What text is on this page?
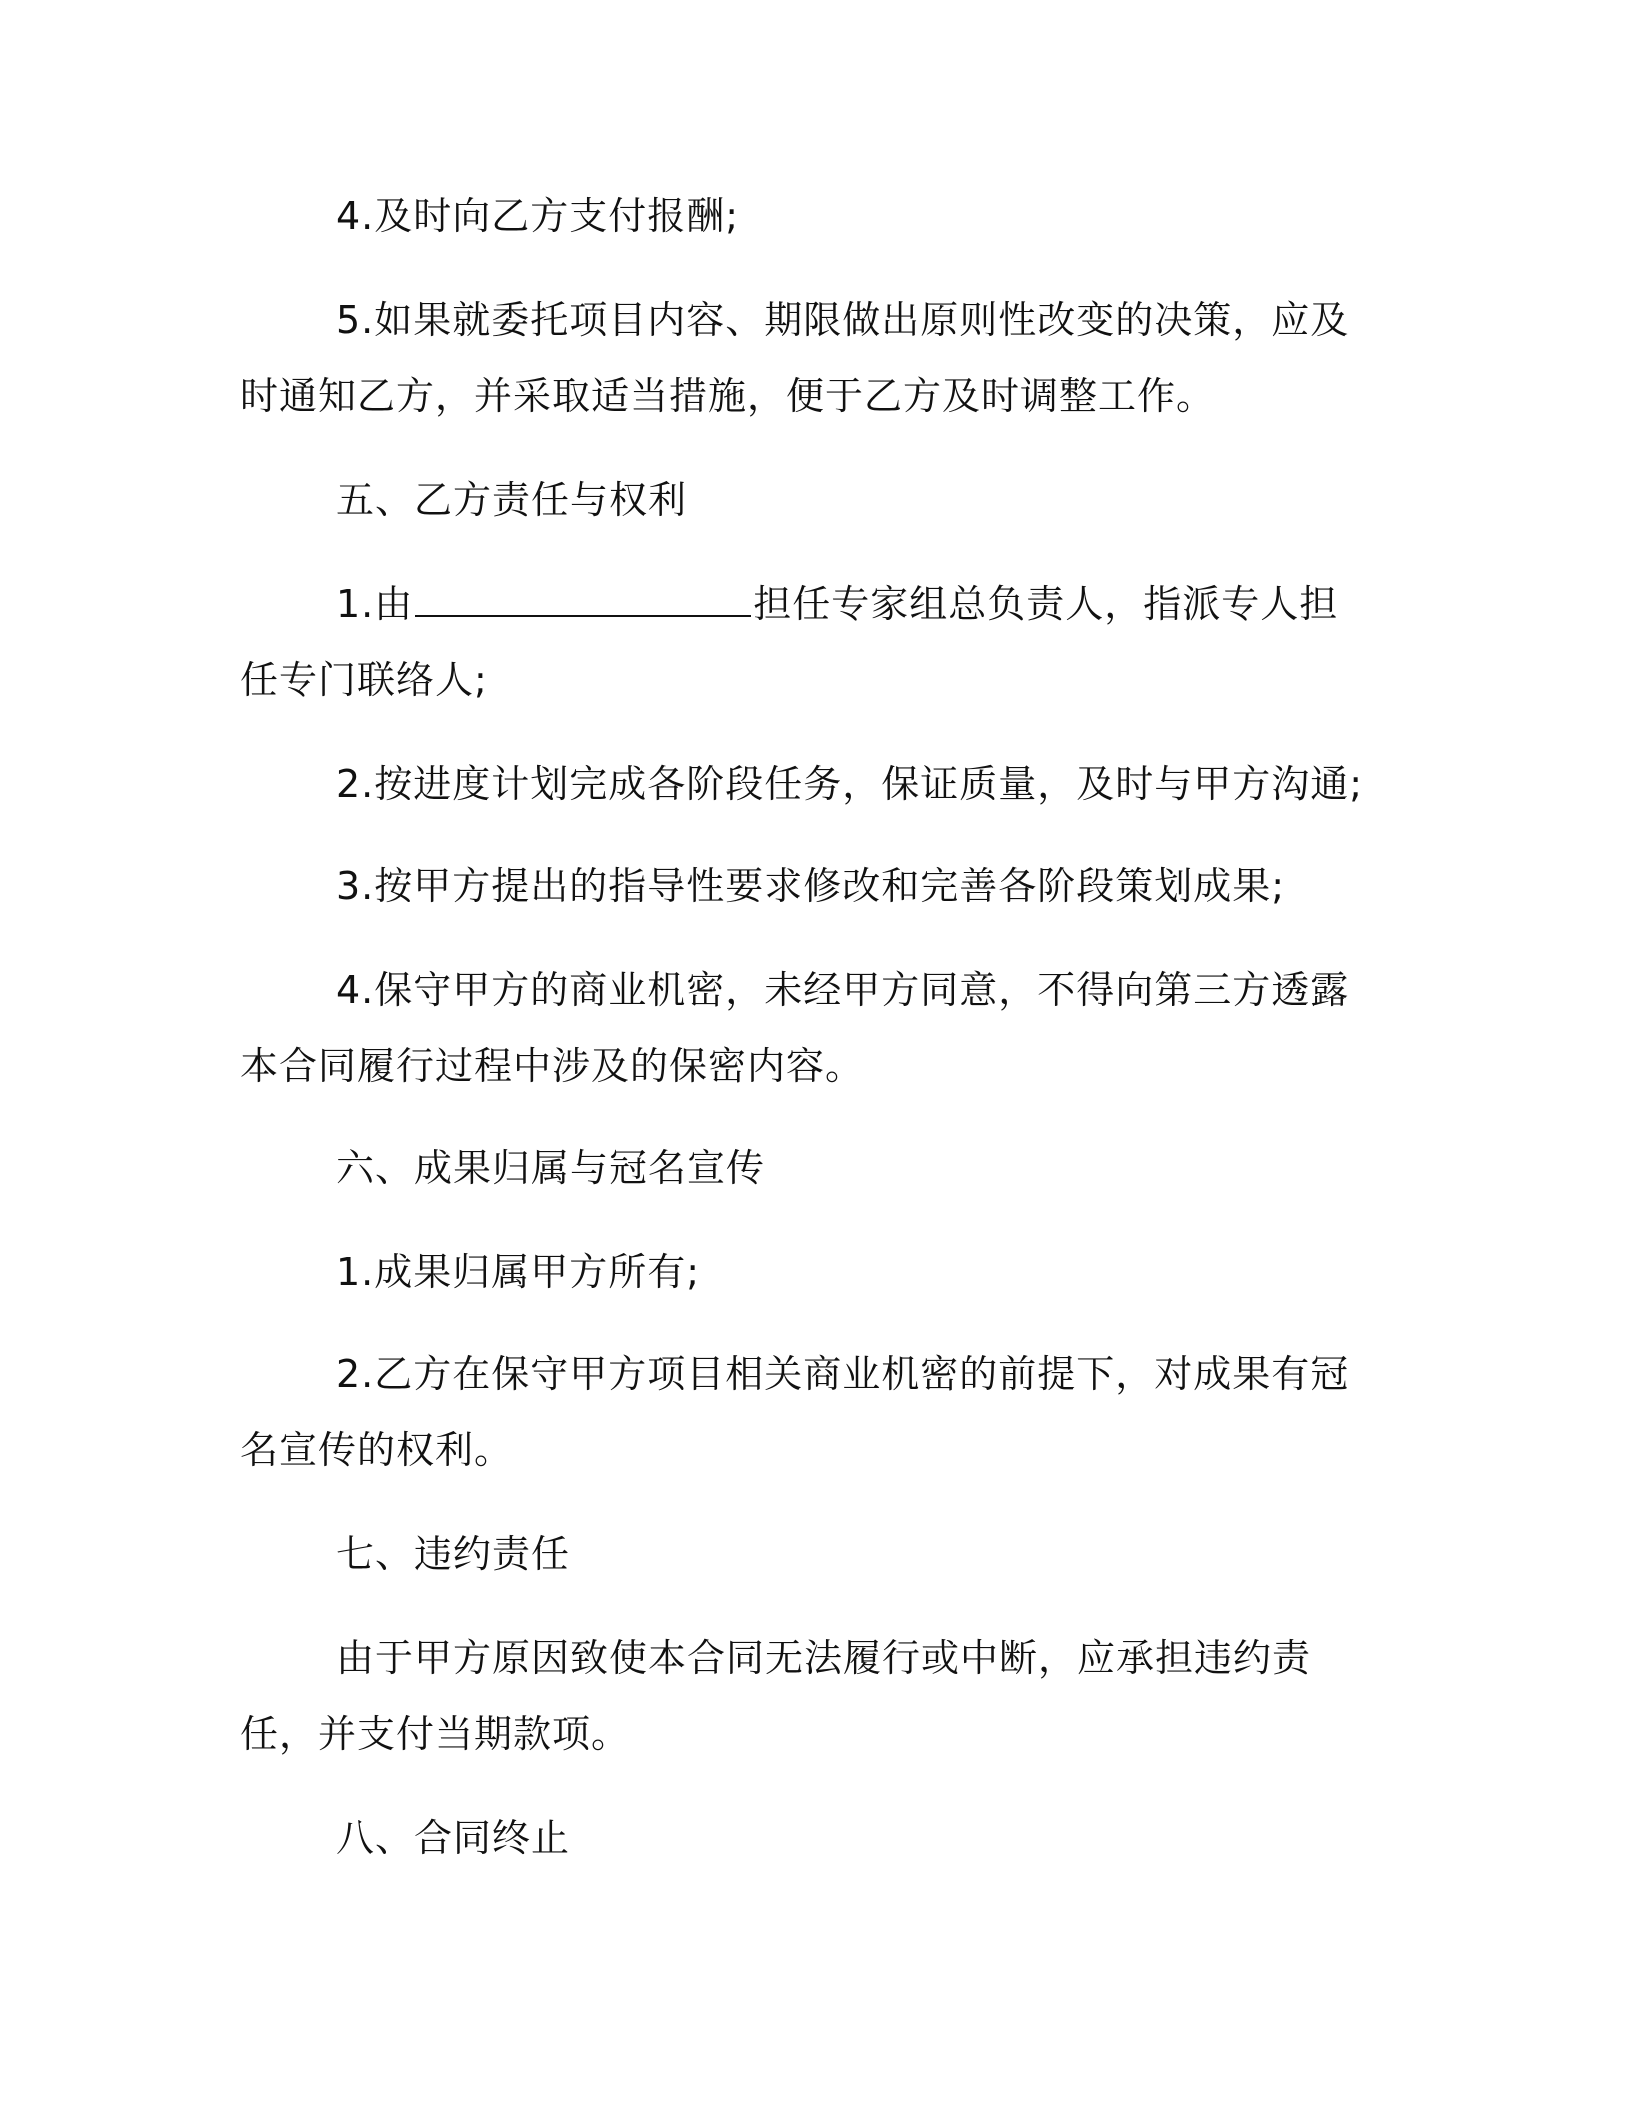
4.及时向乙方支付报酬;

5.如果就委托项目内容、期限做出原则性改变的决策，应及时通知乙方，并采取适当措施，便于乙方及时调整工作。

五、乙方责任与权利

1.由	担任专家组总负责人，指派专人担任专门联络人;

2.按进度计划完成各阶段任务，保证质量，及时与甲方沟通;

3.按甲方提出的指导性要求修改和完善各阶段策划成果;

4.保守甲方的商业机密，未经甲方同意，不得向第三方透露本合同履行过程中涉及的保密内容。

六、成果归属与冠名宣传

1.成果归属甲方所有;

2.乙方在保守甲方项目相关商业机密的前提下，对成果有冠名宣传的权利。

七、违约责任

由于甲方原因致使本合同无法履行或中断，应承担违约责任，并支付当期款项。

八、合同终止
